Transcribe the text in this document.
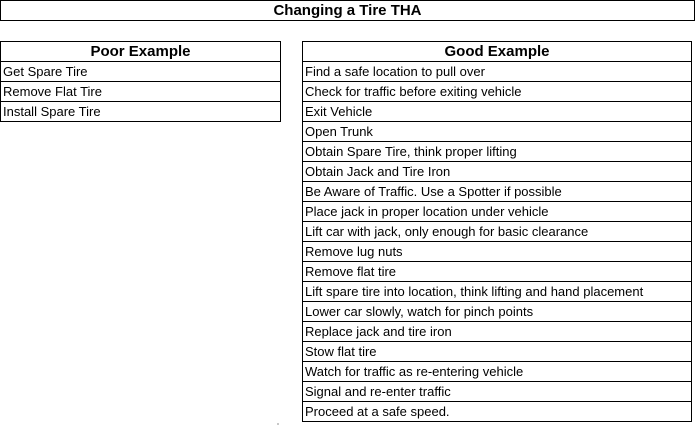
Changing a Tire THA
Poor Example
Get Spare Tire
Remove Flat Tire
Install Spare Tire
Good Example
Find a safe location to pull over
Check for traffic before exiting vehicle
Exit Vehicle
Open Trunk
Obtain Spare Tire, think proper lifting
Obtain Jack and Tire Iron
Be Aware of Traffic. Use a Spotter if possible
Place jack in proper location under vehicle
Lift car with jack, only enough for basic clearance
Remove lug nuts
Remove flat tire
Lift spare tire into location, think lifting and hand placement
Lower car slowly, watch for pinch points
Replace jack and tire iron
Stow flat tire
Watch for traffic as re-entering vehicle
Signal and re-enter traffic
Proceed at a safe speed.
